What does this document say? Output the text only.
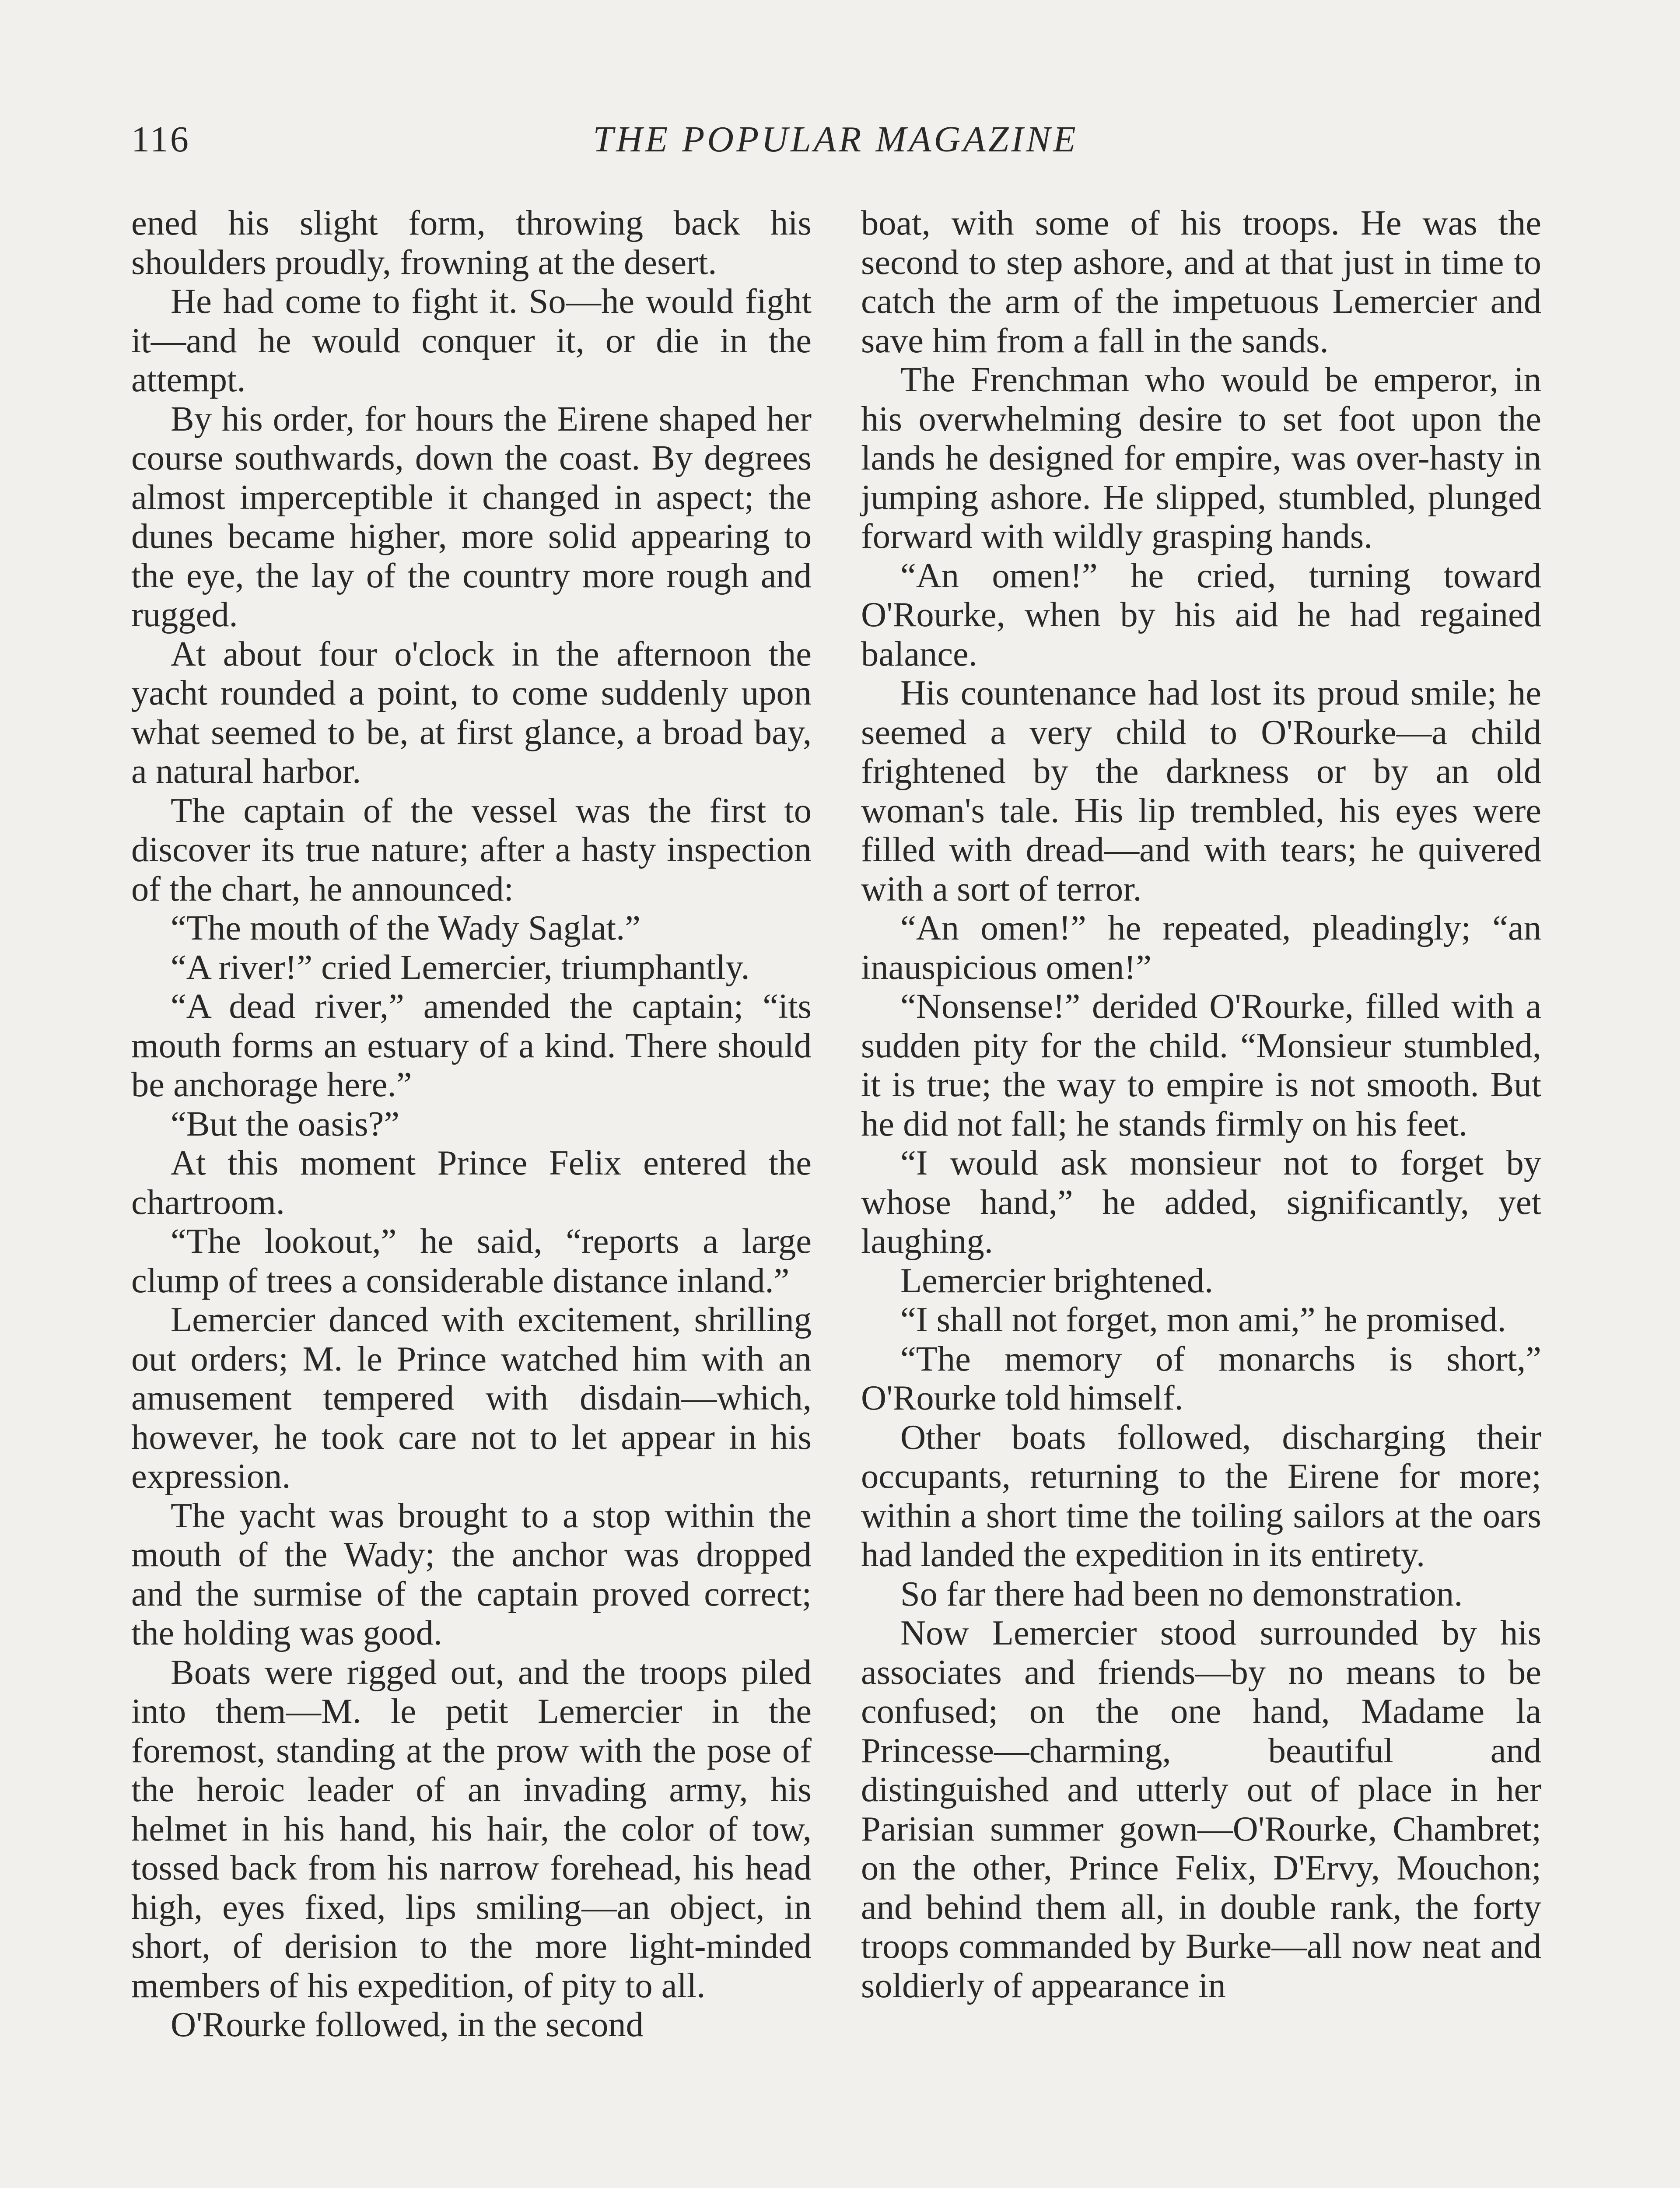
116	THE POPULAR MAGAZINE

ened his slight form, throwing back his shoulders proudly, frowning at the desert.

He had come to fight it. So—he would fight it—and he would conquer it, or die in the attempt.

By his order, for hours the Eirene shaped her course southwards, down the coast. By degrees almost imperceptible it changed in aspect; the dunes became higher, more solid appearing to the eye, the lay of the country more rough and rugged.

At about four o'clock in the afternoon the yacht rounded a point, to come suddenly upon what seemed to be, at first glance, a broad bay, a natural harbor.

The captain of the vessel was the first to discover its true nature; after a hasty inspection of the chart, he announced:

“The mouth of the Wady Saglat.”

“A river!” cried Lemercier, triumphantly.

“A dead river,” amended the captain; “its mouth forms an estuary of a kind. There should be anchorage here.”

“But the oasis?”

At this moment Prince Felix entered the chartroom.

“The lookout,” he said, “reports a large clump of trees a considerable distance inland.”

Lemercier danced with excitement, shrilling out orders; M. le Prince watched him with an amusement tempered with disdain—which, however, he took care not to let appear in his expression.

The yacht was brought to a stop within the mouth of the Wady; the anchor was dropped and the surmise of the captain proved correct; the holding was good.

Boats were rigged out, and the troops piled into them—M. le petit Lemercier in the foremost, standing at the prow with the pose of the heroic leader of an invading army, his helmet in his hand, his hair, the color of tow, tossed back from his narrow forehead, his head high, eyes fixed, lips smiling—an object, in short, of derision to the more light-minded members of his expedition, of pity to all.

O'Rourke followed, in the second

boat, with some of his troops. He was the second to step ashore, and at that just in time to catch the arm of the impetuous Lemercier and save him from a fall in the sands.

The Frenchman who would be emperor, in his overwhelming desire to set foot upon the lands he designed for empire, was over-hasty in jumping ashore. He slipped, stumbled, plunged forward with wildly grasping hands.

“An omen!” he cried, turning toward O'Rourke, when by his aid he had regained balance.

His countenance had lost its proud smile; he seemed a very child to O'Rourke—a child frightened by the darkness or by an old woman's tale. His lip trembled, his eyes were filled with dread—and with tears; he quivered with a sort of terror.

“An omen!” he repeated, pleadingly; “an inauspicious omen!”

“Nonsense!” derided O'Rourke, filled with a sudden pity for the child. “Monsieur stumbled, it is true; the way to empire is not smooth. But he did not fall; he stands firmly on his feet.

“I would ask monsieur not to forget by whose hand,” he added, significantly, yet laughing.

Lemercier brightened.

“I shall not forget, mon ami,” he promised.

“The memory of monarchs is short,” O'Rourke told himself.

Other boats followed, discharging their occupants, returning to the Eirene for more; within a short time the toiling sailors at the oars had landed the expedition in its entirety.

So far there had been no demonstration.

Now Lemercier stood surrounded by his associates and friends—by no means to be confused; on the one hand, Madame la Princesse—charming, beautiful and distinguished and utterly out of place in her Parisian summer gown—O'Rourke, Chambret; on the other, Prince Felix, D'Ervy, Mouchon; and behind them all, in double rank, the forty troops commanded by Burke—all now neat and soldierly of appearance in
